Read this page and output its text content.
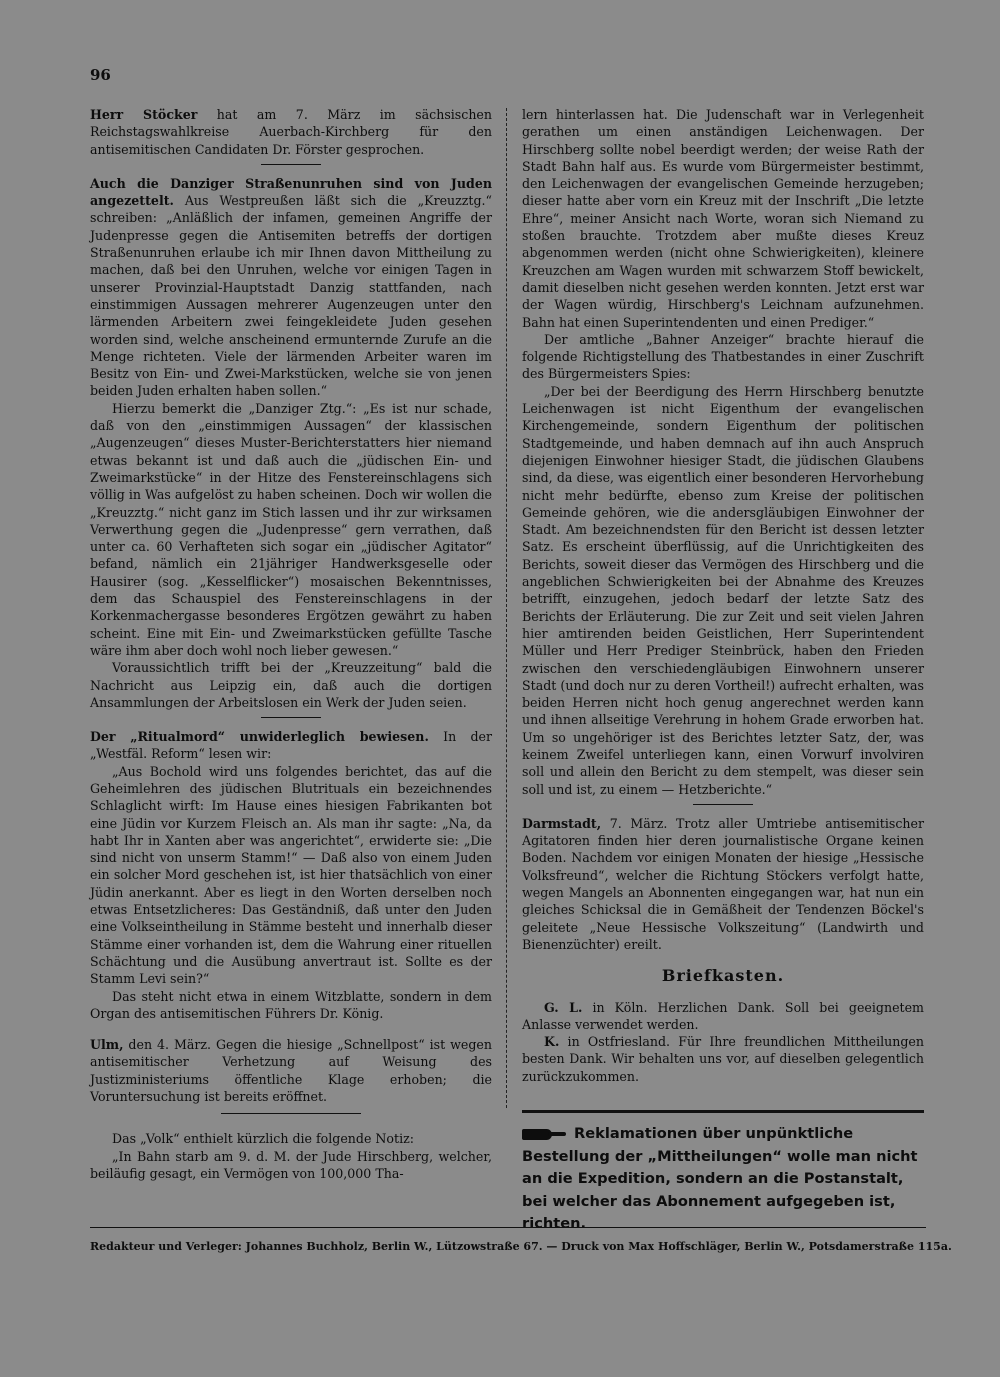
96

Herr Stöcker hat am 7. März im sächsischen Reichstagswahlkreise Auerbach-Kirchberg für den antisemitischen Candidaten Dr. Förster gesprochen.

Auch die Danziger Straßenunruhen sind von Juden angezettelt. Aus Westpreußen läßt sich die „Kreuzztg.“ schreiben: „Anläßlich der infamen, gemeinen Angriffe der Judenpresse gegen die Antisemiten betreffs der dortigen Straßenunruhen erlaube ich mir Ihnen davon Mittheilung zu machen, daß bei den Unruhen, welche vor einigen Tagen in unserer Provinzial-Hauptstadt Danzig stattfanden, nach einstimmigen Aussagen mehrerer Augenzeugen unter den lärmenden Arbeitern zwei feingekleidete Juden gesehen worden sind, welche anscheinend ermunternde Zurufe an die Menge richteten. Viele der lärmenden Arbeiter waren im Besitz von Ein- und Zwei-Markstücken, welche sie von jenen beiden Juden erhalten haben sollen.“

Hierzu bemerkt die „Danziger Ztg.“: „Es ist nur schade, daß von den „einstimmigen Aussagen“ der klassischen „Augenzeugen“ dieses Muster-Berichterstatters hier niemand etwas bekannt ist und daß auch die „jüdischen Ein- und Zweimarkstücke“ in der Hitze des Fenstereinschlagens sich völlig in Was aufgelöst zu haben scheinen. Doch wir wollen die „Kreuzztg.“ nicht ganz im Stich lassen und ihr zur wirksamen Verwerthung gegen die „Judenpresse“ gern verrathen, daß unter ca. 60 Verhafteten sich sogar ein „jüdischer Agitator“ befand, nämlich ein 21jähriger Handwerksgeselle oder Hausirer (sog. „Kesselflicker“) mosaischen Bekenntnisses, dem das Schauspiel des Fenstereinschlagens in der Korkenmachergasse besonderes Ergötzen gewährt zu haben scheint. Eine mit Ein- und Zweimarkstücken gefüllte Tasche wäre ihm aber doch wohl noch lieber gewesen.“

Voraussichtlich trifft bei der „Kreuzzeitung“ bald die Nachricht aus Leipzig ein, daß auch die dortigen Ansammlungen der Arbeitslosen ein Werk der Juden seien.

Der „Ritualmord“ unwiderleglich bewiesen. In der „Westfäl. Reform“ lesen wir:

„Aus Bochold wird uns folgendes berichtet, das auf die Geheimlehren des jüdischen Blutrituals ein bezeichnendes Schlaglicht wirft: Im Hause eines hiesigen Fabrikanten bot eine Jüdin vor Kurzem Fleisch an. Als man ihr sagte: „Na, da habt Ihr in Xanten aber was angerichtet“, erwiderte sie: „Die sind nicht von unserm Stamm!“ — Daß also von einem Juden ein solcher Mord geschehen ist, ist hier thatsächlich von einer Jüdin anerkannt. Aber es liegt in den Worten derselben noch etwas Entsetzlicheres: Das Geständniß, daß unter den Juden eine Volkseintheilung in Stämme besteht und innerhalb dieser Stämme einer vorhanden ist, dem die Wahrung einer rituellen Schächtung und die Ausübung anvertraut ist. Sollte es der Stamm Levi sein?“

Das steht nicht etwa in einem Witzblatte, sondern in dem Organ des antisemitischen Führers Dr. König.

Ulm, den 4. März. Gegen die hiesige „Schnellpost“ ist wegen antisemitischer Verhetzung auf Weisung des Justizministeriums öffentliche Klage erhoben; die Voruntersuchung ist bereits eröffnet.

Das „Volk“ enthielt kürzlich die folgende Notiz:

„In Bahn starb am 9. d. M. der Jude Hirschberg, welcher, beiläufig gesagt, ein Vermögen von 100,000 Tha-

lern hinterlassen hat. Die Judenschaft war in Verlegenheit gerathen um einen anständigen Leichenwagen. Der Hirschberg sollte nobel beerdigt werden; der weise Rath der Stadt Bahn half aus. Es wurde vom Bürgermeister bestimmt, den Leichenwagen der evangelischen Gemeinde herzugeben; dieser hatte aber vorn ein Kreuz mit der Inschrift „Die letzte Ehre“, meiner Ansicht nach Worte, woran sich Niemand zu stoßen brauchte. Trotzdem aber mußte dieses Kreuz abgenommen werden (nicht ohne Schwierigkeiten), kleinere Kreuzchen am Wagen wurden mit schwarzem Stoff bewickelt, damit dieselben nicht gesehen werden konnten. Jetzt erst war der Wagen würdig, Hirschberg's Leichnam aufzunehmen. Bahn hat einen Superintendenten und einen Prediger.“

Der amtliche „Bahner Anzeiger“ brachte hierauf die folgende Richtigstellung des Thatbestandes in einer Zuschrift des Bürgermeisters Spies:

„Der bei der Beerdigung des Herrn Hirschberg benutzte Leichenwagen ist nicht Eigenthum der evangelischen Kirchengemeinde, sondern Eigenthum der politischen Stadtgemeinde, und haben demnach auf ihn auch Anspruch diejenigen Einwohner hiesiger Stadt, die jüdischen Glaubens sind, da diese, was eigentlich einer besonderen Hervorhebung nicht mehr bedürfte, ebenso zum Kreise der politischen Gemeinde gehören, wie die andersgläubigen Einwohner der Stadt. Am bezeichnendsten für den Bericht ist dessen letzter Satz. Es erscheint überflüssig, auf die Unrichtigkeiten des Berichts, soweit dieser das Vermögen des Hirschberg und die angeblichen Schwierigkeiten bei der Abnahme des Kreuzes betrifft, einzugehen, jedoch bedarf der letzte Satz des Berichts der Erläuterung. Die zur Zeit und seit vielen Jahren hier amtirenden beiden Geistlichen, Herr Superintendent Müller und Herr Prediger Steinbrück, haben den Frieden zwischen den verschiedengläubigen Einwohnern unserer Stadt (und doch nur zu deren Vortheil!) aufrecht erhalten, was beiden Herren nicht hoch genug angerechnet werden kann und ihnen allseitige Verehrung in hohem Grade erworben hat. Um so ungehöriger ist des Berichtes letzter Satz, der, was keinem Zweifel unterliegen kann, einen Vorwurf involviren soll und allein den Bericht zu dem stempelt, was dieser sein soll und ist, zu einem — Hetzberichte.“

Darmstadt, 7. März. Trotz aller Umtriebe antisemitischer Agitatoren finden hier deren journalistische Organe keinen Boden. Nachdem vor einigen Monaten der hiesige „Hessische Volksfreund“, welcher die Richtung Stöckers verfolgt hatte, wegen Mangels an Abonnenten eingegangen war, hat nun ein gleiches Schicksal die in Gemäßheit der Tendenzen Böckel's geleitete „Neue Hessische Volkszeitung“ (Landwirth und Bienenzüchter) ereilt.

Briefkasten.

G. L. in Köln. Herzlichen Dank. Soll bei geeignetem Anlasse verwendet werden.

K. in Ostfriesland. Für Ihre freundlichen Mittheilungen besten Dank. Wir behalten uns vor, auf dieselben gelegentlich zurückzukommen.

Reklamationen über unpünktliche Bestellung der „Mittheilungen“ wolle man nicht an die Expedition, sondern an die Postanstalt, bei welcher das Abonnement aufgegeben ist, richten.
Redakteur und Verleger: Johannes Buchholz, Berlin W., Lützowstraße 67. — Druck von Max Hoffschläger, Berlin W., Potsdamerstraße 115a.
